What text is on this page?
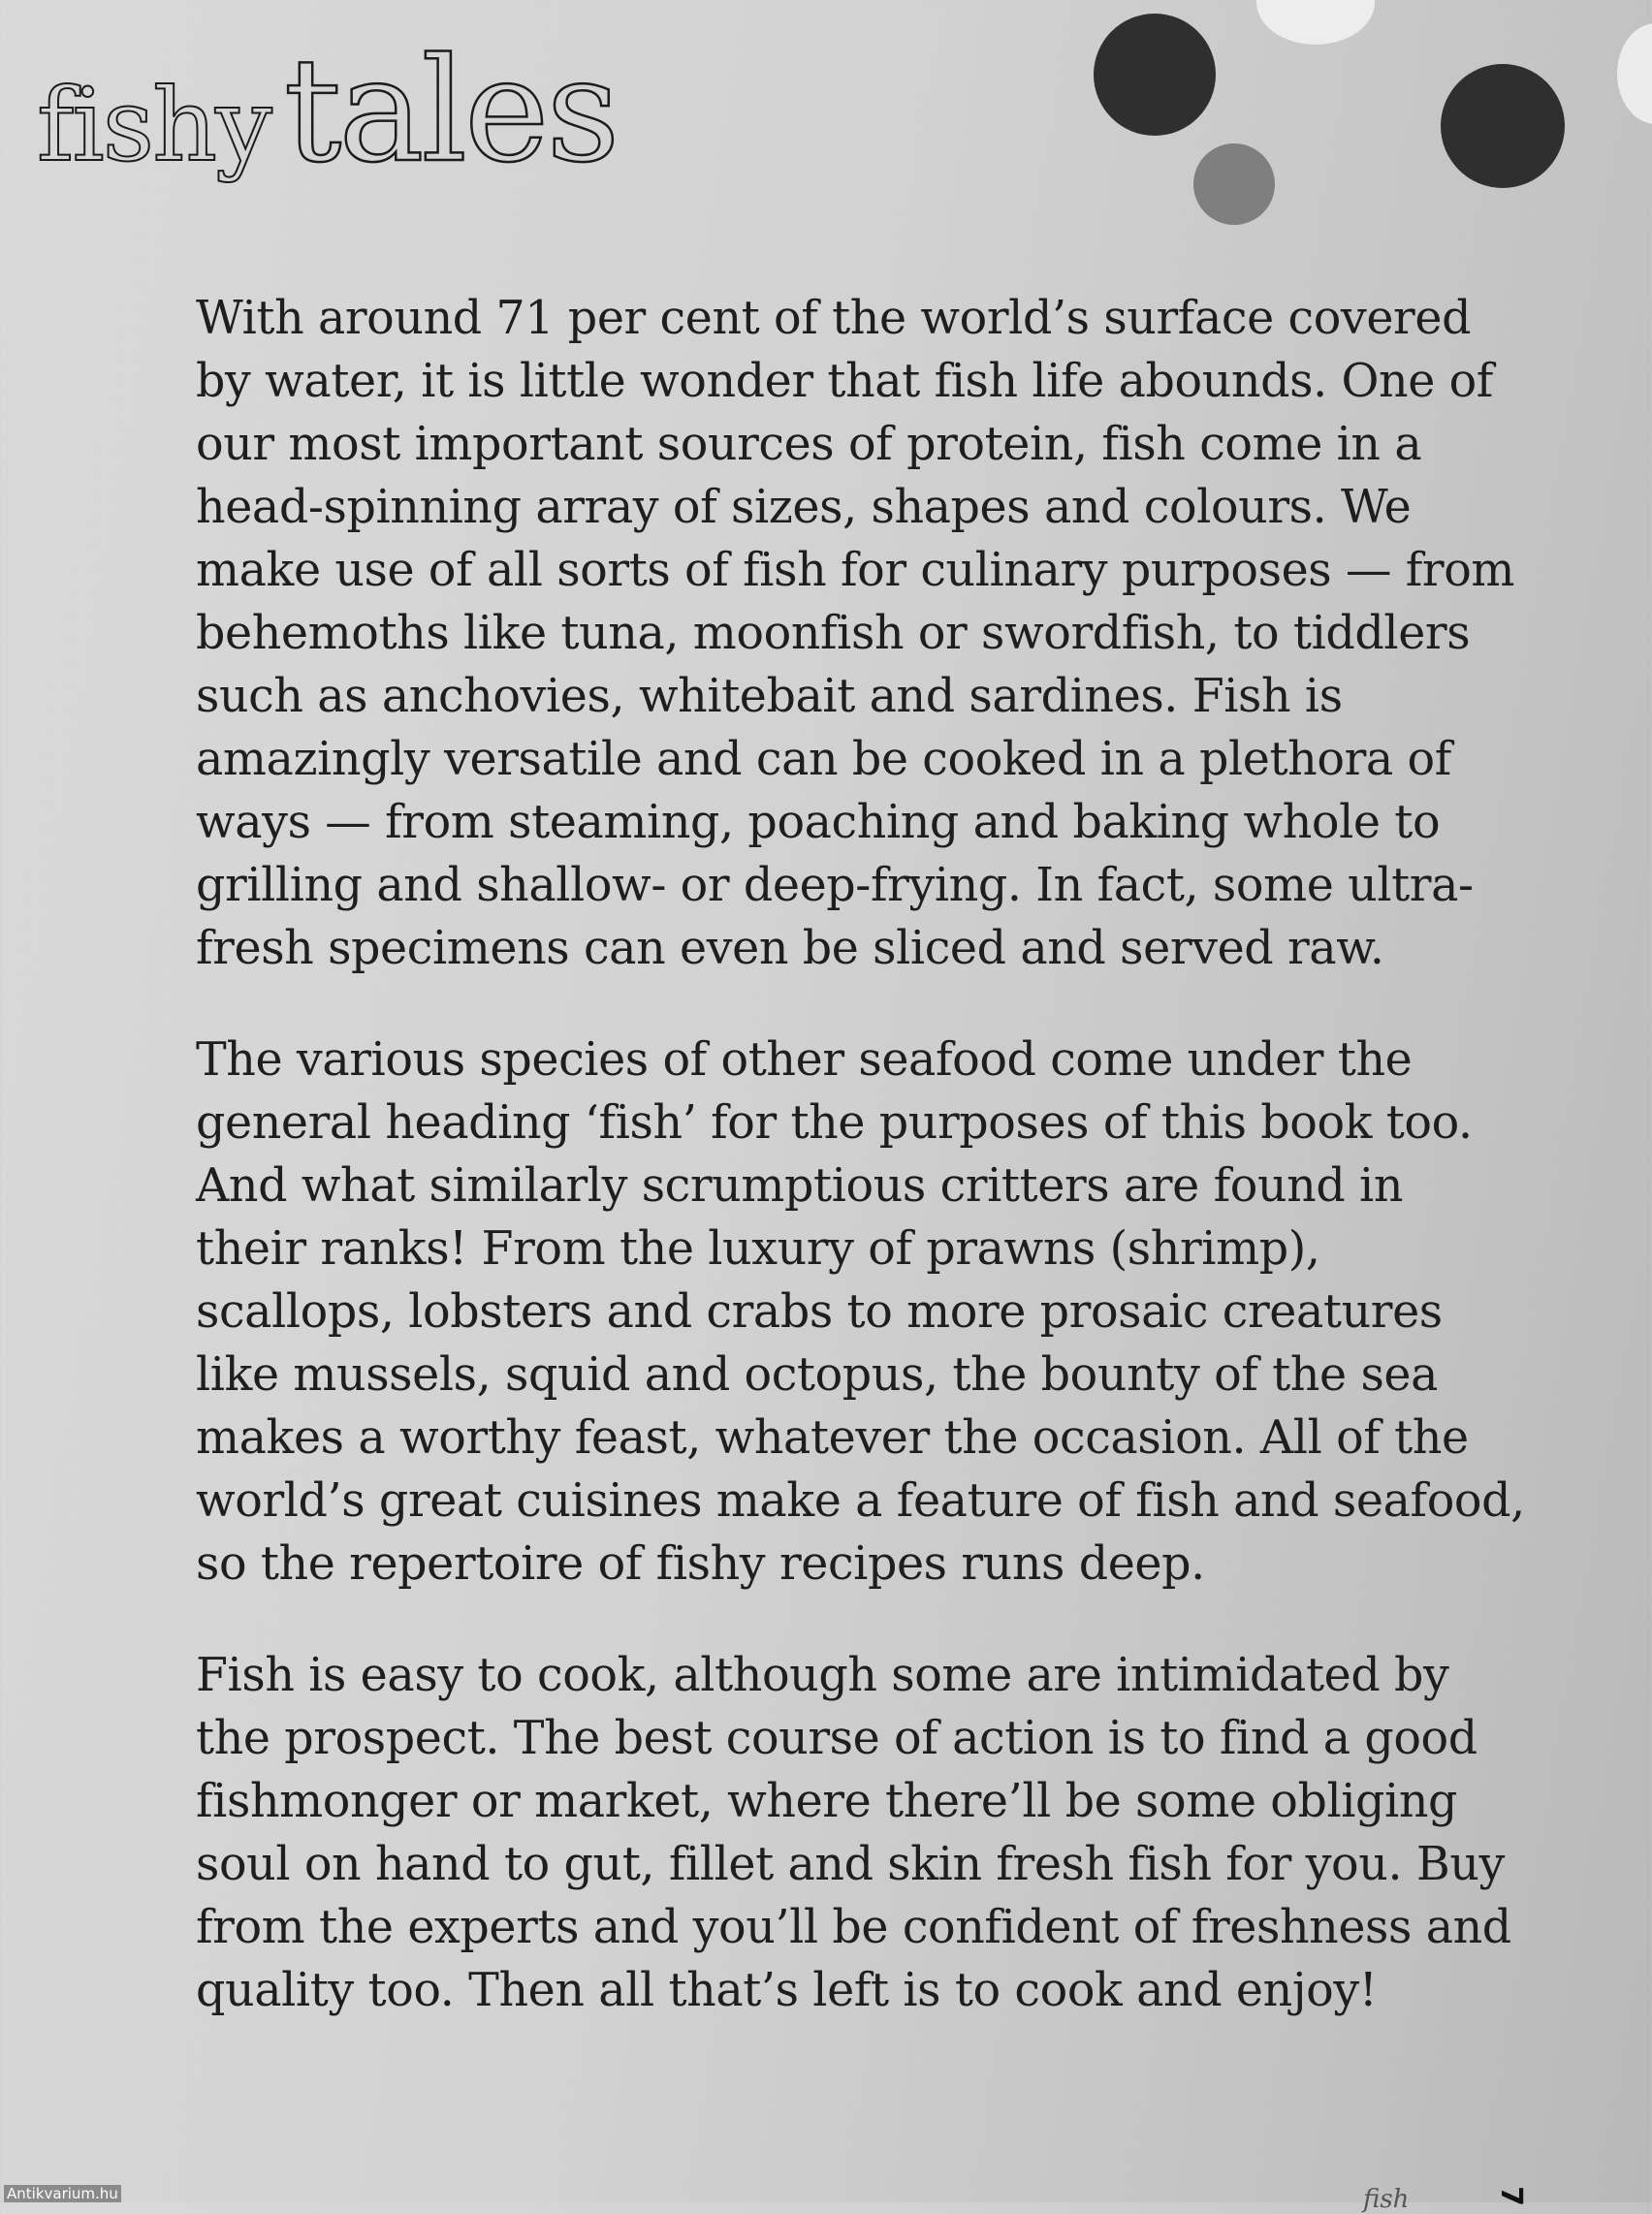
fishytales

With around 71 per cent of the world’s surface covered by water, it is little wonder that fish life abounds. One of our most important sources of protein, fish come in a head-spinning array of sizes, shapes and colours. We make use of all sorts of fish for culinary purposes — from behemoths like tuna, moonfish or swordfish, to tiddlers such as anchovies, whitebait and sardines. Fish is amazingly versatile and can be cooked in a plethora of ways — from steaming, poaching and baking whole to grilling and shallow- or deep-frying. In fact, some ultra-fresh specimens can even be sliced and served raw.

The various species of other seafood come under the general heading ‘fish’ for the purposes of this book too. And what similarly scrumptious critters are found in their ranks! From the luxury of prawns (shrimp), scallops, lobsters and crabs to more prosaic creatures like mussels, squid and octopus, the bounty of the sea makes a worthy feast, whatever the occasion. All of the world’s great cuisines make a feature of fish and seafood, so the repertoire of fishy recipes runs deep.

Fish is easy to cook, although some are intimidated by the prospect. The best course of action is to find a good fishmonger or market, where there’ll be some obliging soul on hand to gut, fillet and skin fresh fish for you. Buy from the experts and you’ll be confident of freshness and quality too. Then all that’s left is to cook and enjoy!

fish	7
Antikvarium.hu
